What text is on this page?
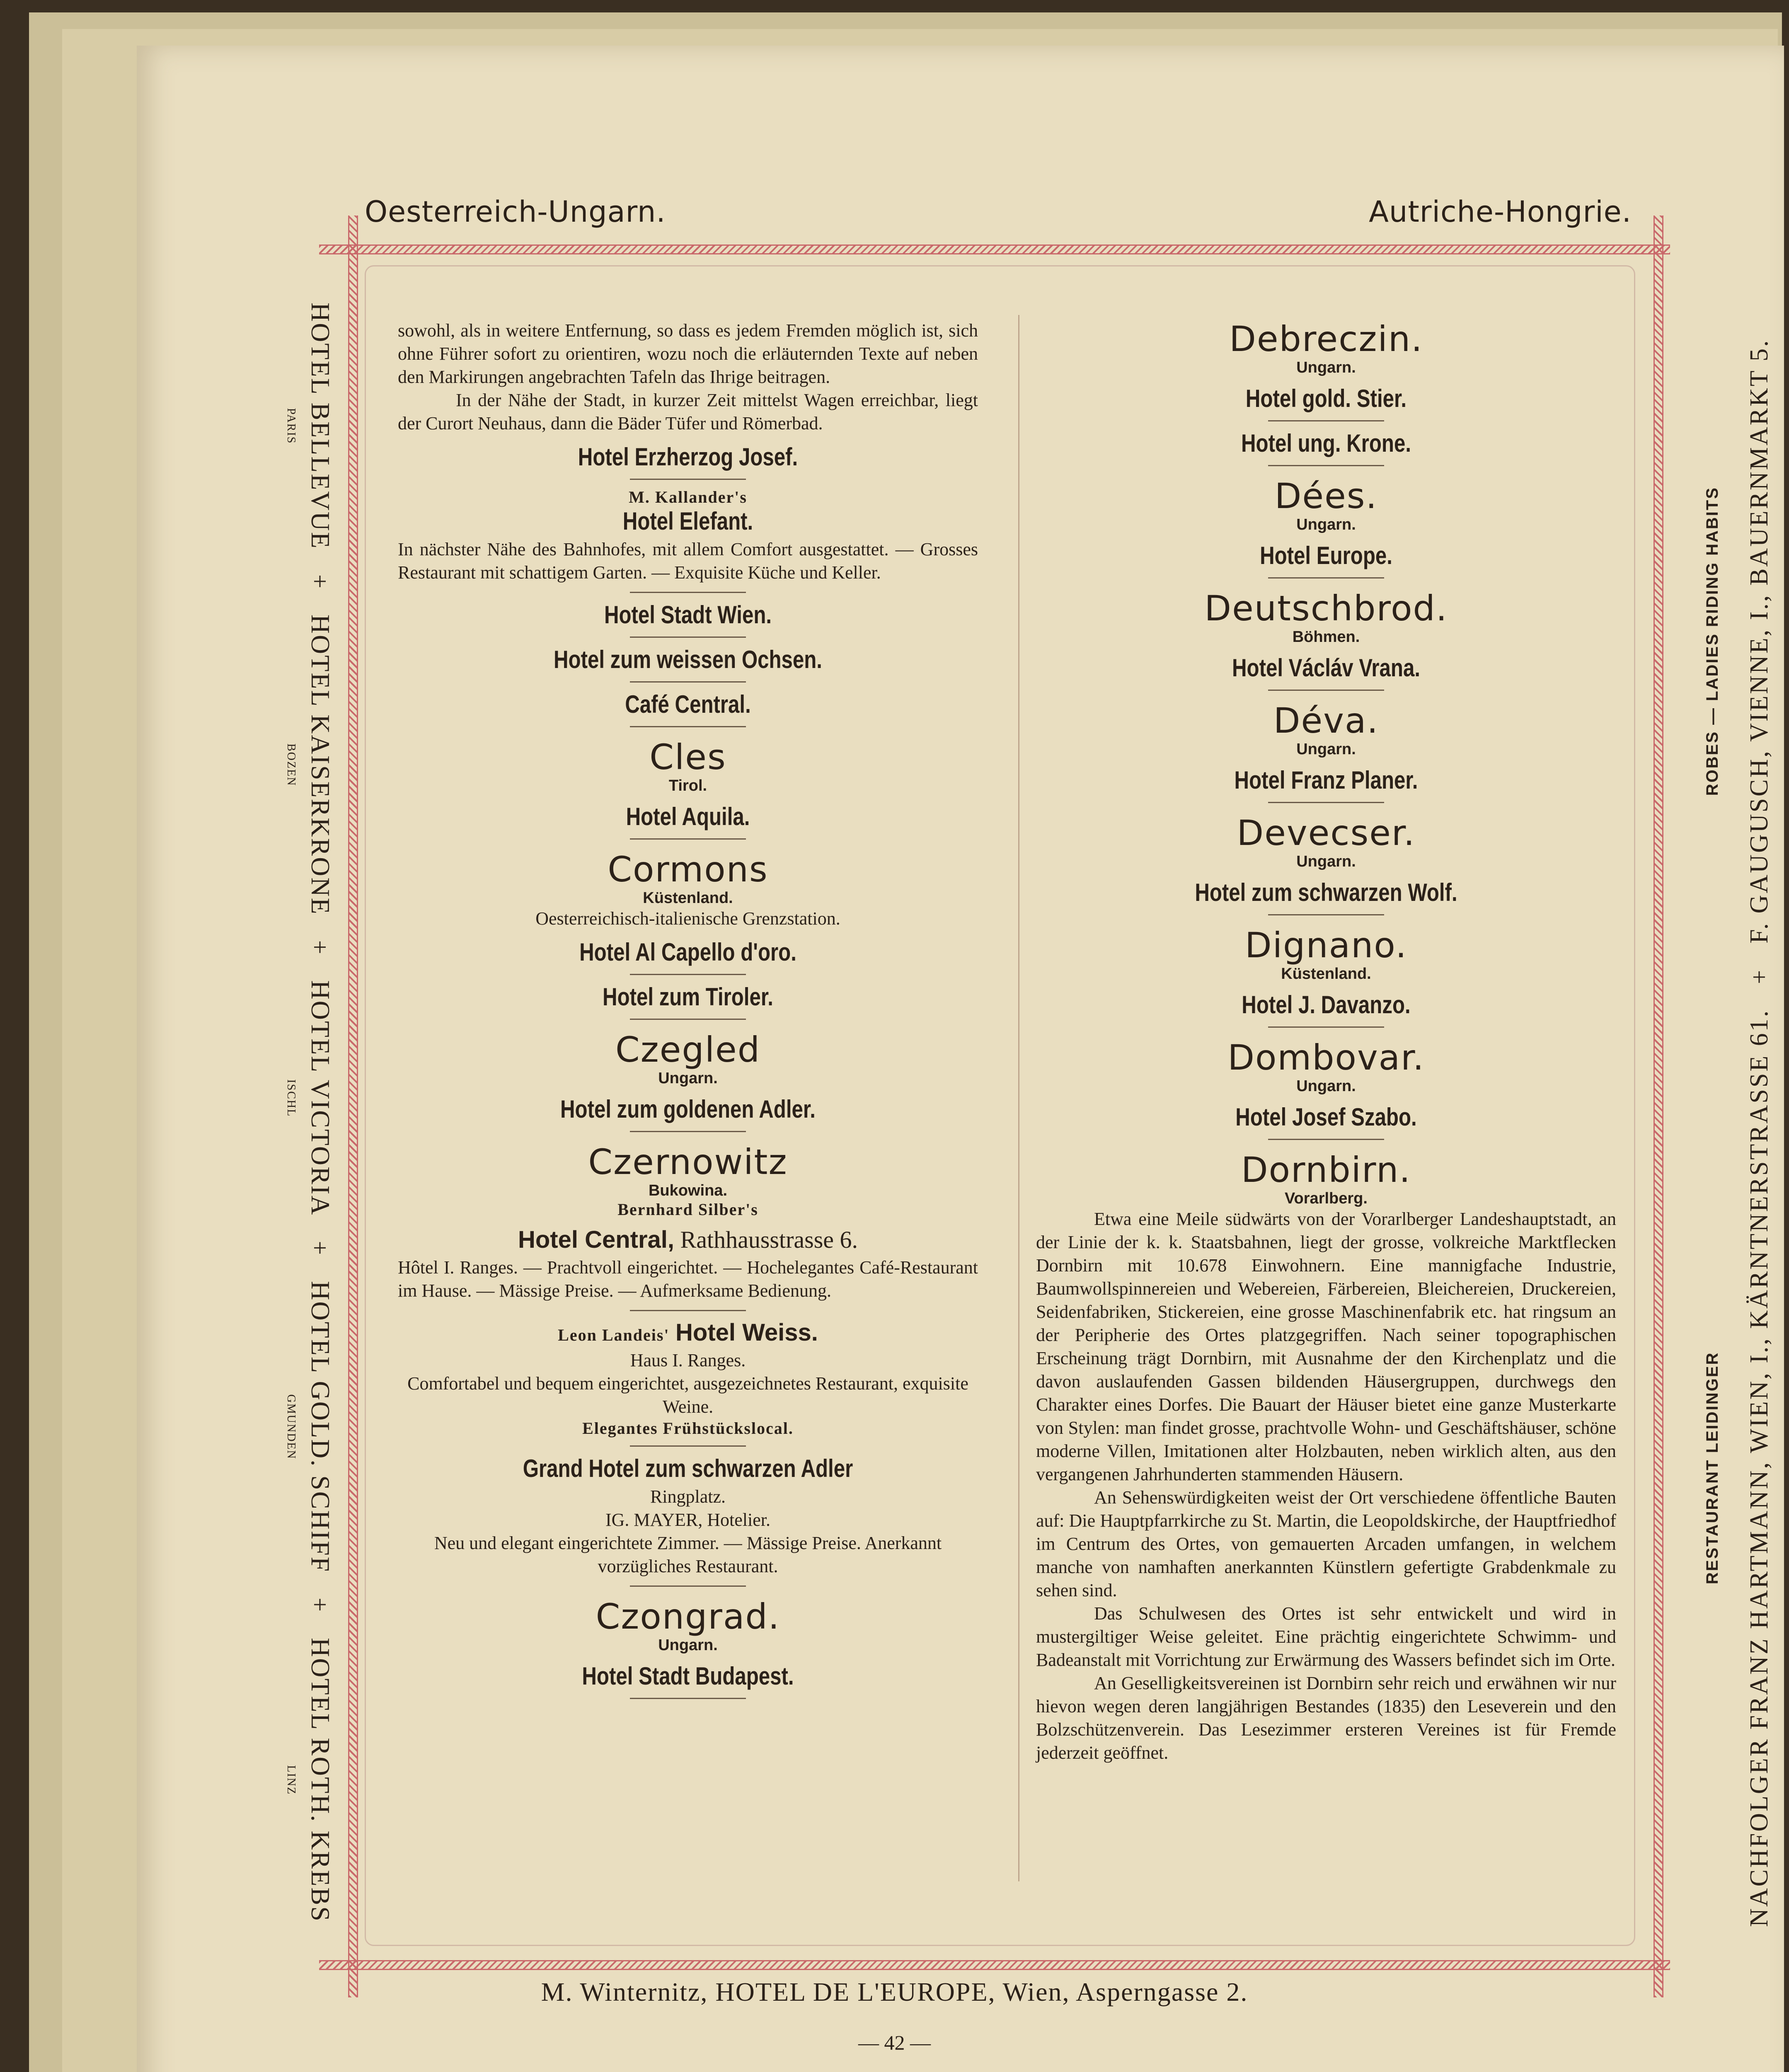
Oesterreich-Ungarn.	Autriche-Hongrie.

sowohl, als in weitere Entfernung, so dass es jedem Fremden möglich ist, sich ohne Führer sofort zu orientiren, wozu noch die erläuternden Texte auf neben den Markirungen angebrachten Tafeln das Ihrige beitragen.

In der Nähe der Stadt, in kurzer Zeit mittelst Wagen erreichbar, liegt der Curort Neuhaus, dann die Bäder Tüfer und Römerbad.

Hotel Erzherzog Josef.

M. Kallander's

Hotel Elefant.

In nächster Nähe des Bahnhofes, mit allem Comfort ausgestattet. — Grosses Restaurant mit schattigem Garten. — Exquisite Küche und Keller.

Hotel Stadt Wien.
Hotel zum weissen Ochsen.
Café Central.
Cles

Tirol.

Hotel Aquila.
Cormons

Küstenland.

Oesterreichisch-italienische Grenzstation.

Hotel Al Capello d'oro.
Hotel zum Tiroler.
Czegled

Ungarn.

Hotel zum goldenen Adler.
Czernowitz

Bukowina.

Bernhard Silber's

Hotel Central, Rathhausstrasse 6.

Hôtel I. Ranges. — Prachtvoll eingerichtet. — Hochelegantes Café-Restaurant im Hause. — Mässige Preise. — Aufmerksame Bedienung.

Leon Landeis' Hotel Weiss.

Haus I. Ranges.

Comfortabel und bequem eingerichtet, ausgezeichnetes Restaurant, exquisite Weine.

Elegantes Frühstückslocal.

Grand Hotel zum schwarzen Adler

Ringplatz.

IG. MAYER, Hotelier.

Neu und elegant eingerichtete Zimmer. — Mässige Preise. Anerkannt vorzügliches Restaurant.

Czongrad.

Ungarn.

Hotel Stadt Budapest.
Debreczin.

Ungarn.

Hotel gold. Stier.
Hotel ung. Krone.
Dées.

Ungarn.

Hotel Europe.
Deutschbrod.

Böhmen.

Hotel Václáv Vrana.
Déva.

Ungarn.

Hotel Franz Planer.
Devecser.

Ungarn.

Hotel zum schwarzen Wolf.
Dignano.

Küstenland.

Hotel J. Davanzo.
Dombovar.

Ungarn.

Hotel Josef Szabo.
Dornbirn.

Vorarlberg.

Etwa eine Meile südwärts von der Vorarlberger Landeshauptstadt, an der Linie der k. k. Staatsbahnen, liegt der grosse, volkreiche Marktflecken Dornbirn mit 10.678 Einwohnern. Eine mannigfache Industrie, Baumwollspinnereien und Webereien, Färbereien, Bleichereien, Druckereien, Seidenfabriken, Stickereien, eine grosse Maschinenfabrik etc. hat ringsum an der Peripherie des Ortes platzgegriffen. Nach seiner topographischen Erscheinung trägt Dornbirn, mit Ausnahme der den Kirchenplatz und die davon auslaufenden Gassen bildenden Häusergruppen, durchwegs den Charakter eines Dorfes. Die Bauart der Häuser bietet eine ganze Musterkarte von Stylen: man findet grosse, prachtvolle Wohn- und Geschäftshäuser, schöne moderne Villen, Imitationen alter Holzbauten, neben wirklich alten, aus den vergangenen Jahrhunderten stammenden Häusern.

An Sehenswürdigkeiten weist der Ort verschiedene öffentliche Bauten auf: Die Hauptpfarrkirche zu St. Martin, die Leopoldskirche, der Hauptfriedhof im Centrum des Ortes, von gemauerten Arcaden umfangen, in welchem manche von namhaften anerkannten Künstlern gefertigte Grabdenkmale zu sehen sind.

Das Schulwesen des Ortes ist sehr entwickelt und wird in mustergiltiger Weise geleitet. Eine prächtig eingerichtete Schwimm- und Badeanstalt mit Vorrichtung zur Erwärmung des Wassers befindet sich im Orte.

An Geselligkeitsvereinen ist Dornbirn sehr reich und erwähnen wir nur hievon wegen deren langjährigen Bestandes (1835) den Leseverein und den Bolzschützenverein. Das Lesezimmer ersteren Vereines ist für Fremde jederzeit geöffnet.

HOTEL BELLEVUE
PARIS
+HOTEL KAISERKRONE
BOZEN
+HOTEL VICTORIA
ISCHL
+HOTEL GOLD. SCHIFF
GMUNDEN
+HOTEL ROTH. KREBS
LINZ
RESTAURANT LEIDINGER NACHFOLGER FRANZ HARTMANN, WIEN, I., KÄRNTNERSTRASSE 61.+
ROBES — LADIES RIDING HABITS F. GAUGUSCH, VIENNE, I., BAUERNMARKT 5.
M. Winternitz, HOTEL DE L'EUROPE, Wien, Asperngasse 2.
— 42 —
